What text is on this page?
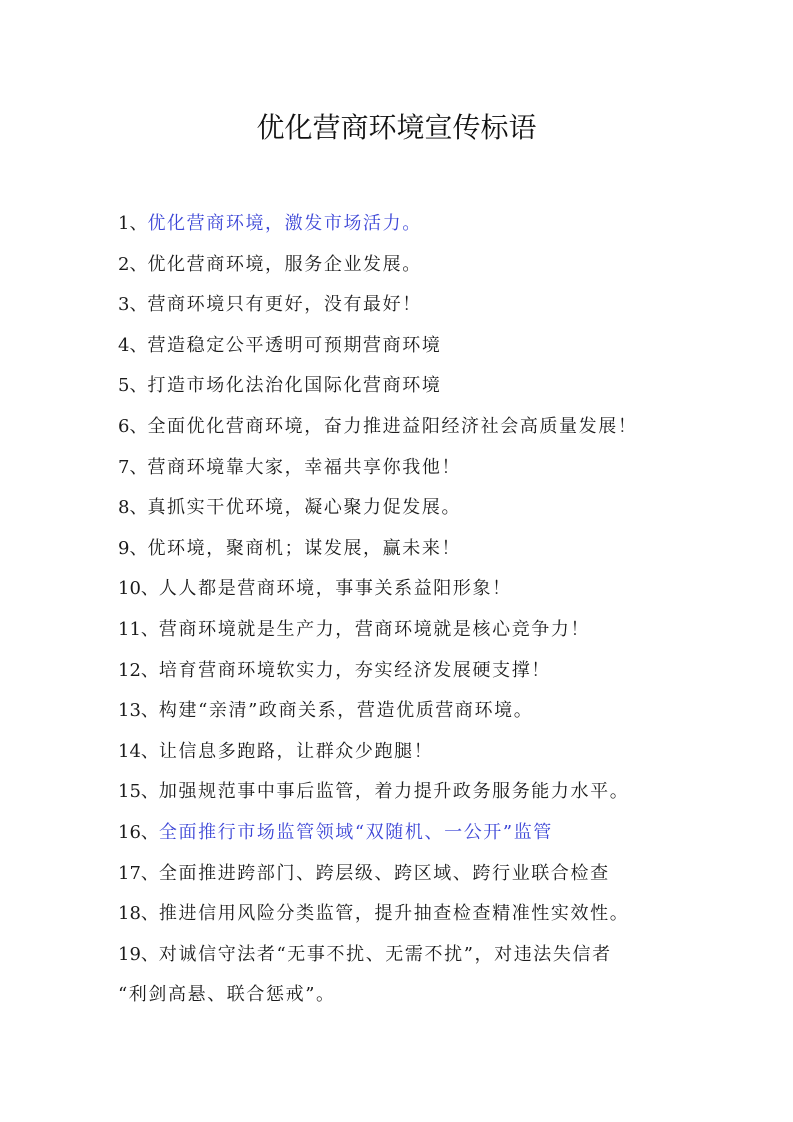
优化营商环境宣传标语
1、优化营商环境，激发市场活力。
2、优化营商环境，服务企业发展。
3、营商环境只有更好，没有最好！
4、营造稳定公平透明可预期营商环境
5、打造市场化法治化国际化营商环境
6、全面优化营商环境，奋力推进益阳经济社会高质量发展！
7、营商环境靠大家，幸福共享你我他！
8、真抓实干优环境，凝心聚力促发展。
9、优环境，聚商机；谋发展，赢未来！
10、人人都是营商环境，事事关系益阳形象！
11、营商环境就是生产力，营商环境就是核心竞争力！
12、培育营商环境软实力，夯实经济发展硬支撑！
13、构建“亲清”政商关系，营造优质营商环境。
14、让信息多跑路，让群众少跑腿！
15、加强规范事中事后监管，着力提升政务服务能力水平。
16、全面推行市场监管领域“双随机、一公开”监管
17、全面推进跨部门、跨层级、跨区域、跨行业联合检查
18、推进信用风险分类监管，提升抽查检查精准性实效性。
19、对诚信守法者“无事不扰、无需不扰”，对违法失信者
“利剑高悬、联合惩戒”。
